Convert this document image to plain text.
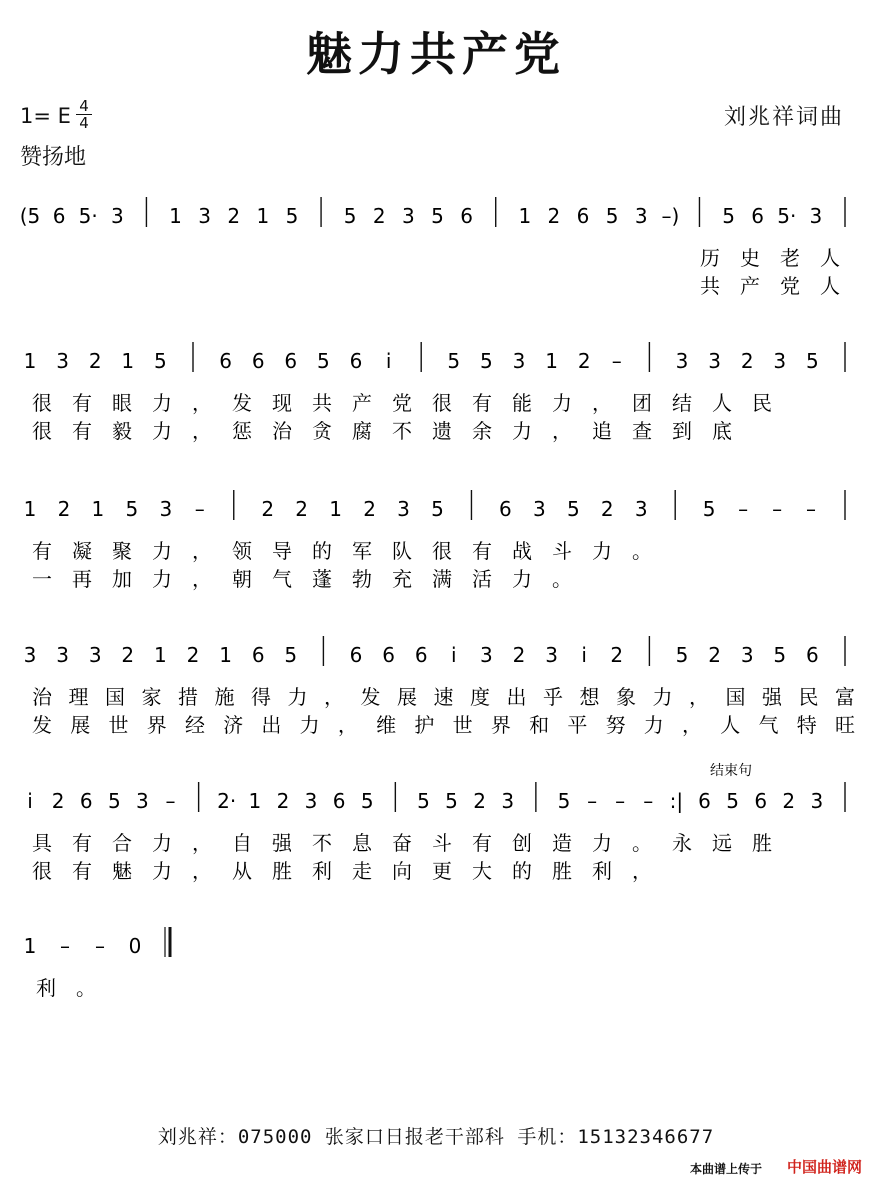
魅力共产党
1= E 4
4
赞扬地
刘兆祥词曲
(5 6 5· 3 1 3 2 1 5 5 2 3 5 6 1 2 6 5 3 –) 5 6 5· 3
历 史 老 人
共 产 党 人
1 3 2 1 5	6 6 6 5 6 i	5 5 3 1 2 –	3 3 2 3 5
很 有 眼 力 ， 发 现 共 产 党 很 有 能 力 ， 团 结 人 民
很 有 毅 力 ， 惩 治 贪 腐 不 遗 余 力 ， 追 查 到 底
1 2 1 5 3 –	2 2 1 2 3 5	6 3 5 2 3	5 – – –
有 凝 聚 力 ， 领 导 的 军 队 很 有 战 斗 力 。
一 再 加 力 ， 朝 气 蓬 勃 充 满 活 力 。
3 3 3 2 1 2 1 6 5	6 6 6 i 3 2 3 i 2	5 2 3 5 6
治 理 国 家 措 施 得 力 ， 发 展 速 度 出 乎 想 象 力 ， 国 强 民 富
发 展 世 界 经 济 出 力 ， 维 护 世 界 和 平 努 力 ， 人 气 特 旺
i 2 6 5 3 – 2· 1 2 3 6 5 5 5 2 3 5 – – – :| 6 5 6 2 3
具 有 合 力 ， 自 强 不 息 奋 斗 有 创 造 力 。 永 远 胜
很 有 魅 力 ， 从 胜 利 走 向 更 大 的 胜 利 ，
1 – – 0
利 。
结束句
刘兆祥：075000 张家口日报老干部科 手机：15132346677
本曲谱上传于 中国曲谱网
